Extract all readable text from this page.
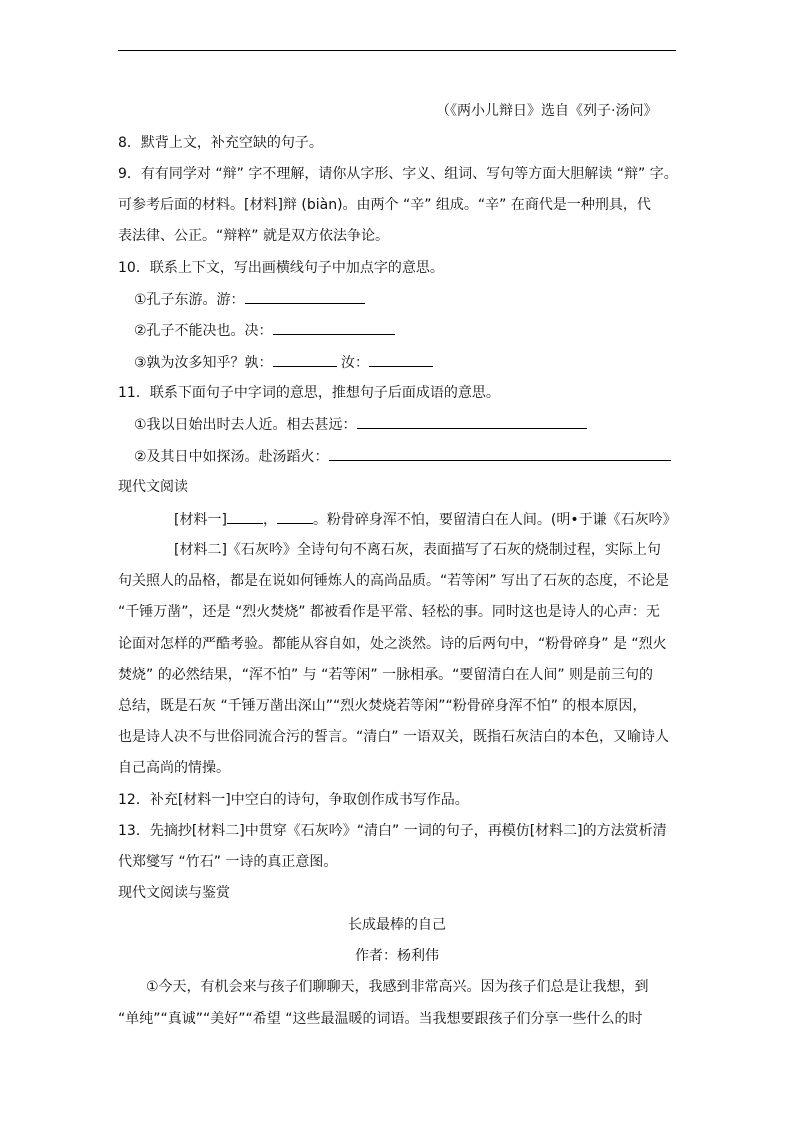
（《两小儿辩日》选自《列子·汤问》
8．默背上文，补充空缺的句子。
9．有有同学对 “辩” 字不理解，请你从字形、字义、组词、写句等方面大胆解读 “辩” 字。
可参考后面的材料。[材料]辩 (biàn)。由两个 “辛” 组成。“辛” 在商代是一种刑具，代
表法律、公正。“辩粹” 就是双方依法争论。
10．联系上下文，写出画横线句子中加点字的意思。
①孔子东游。游：
②孔子不能决也。决：
③孰为汝多知乎？孰：	汝：
11．联系下面句子中字词的意思，推想句子后面成语的意思。
①我以日始出时去人近。相去甚远：
②及其日中如探汤。赴汤蹈火：
现代文阅读
[材料一]	，	。粉骨碎身浑不怕，要留清白在人间。(明•于谦《石灰吟》
[材料二]《石灰吟》全诗句句不离石灰，表面描写了石灰的烧制过程，实际上句
句关照人的品格，都是在说如何锤炼人的高尚品质。“若等闲” 写出了石灰的态度，不论是
“千锤万凿”，还是 “烈火焚烧” 都被看作是平常、轻松的事。同时这也是诗人的心声：无
论面对怎样的严酷考验。都能从容自如，处之淡然。诗的后两句中，“粉骨碎身” 是 “烈火
焚烧” 的必然结果，“浑不怕” 与 “若等闲” 一脉相承。“要留清白在人间” 则是前三句的
总结，既是石灰 “千锤万凿出深山”“烈火焚烧若等闲”“粉骨碎身浑不怕” 的根本原因，
也是诗人决不与世俗同流合污的誓言。“清白” 一语双关，既指石灰洁白的本色，又喻诗人
自己高尚的情操。
12．补充[材料一]中空白的诗句，争取创作成书写作品。
13．先摘抄[材料二]中贯穿《石灰吟》“清白” 一词的句子，再模仿[材料二]的方法赏析清
代郑燮写 “竹石” 一诗的真正意图。
现代文阅读与鉴赏
长成最棒的自己
作者：杨利伟
①今天，有机会来与孩子们聊聊天，我感到非常高兴。因为孩子们总是让我想，到
“单纯”“真诚”“美好”“希望 “这些最温暖的词语。当我想要跟孩子们分享一些什么的时
